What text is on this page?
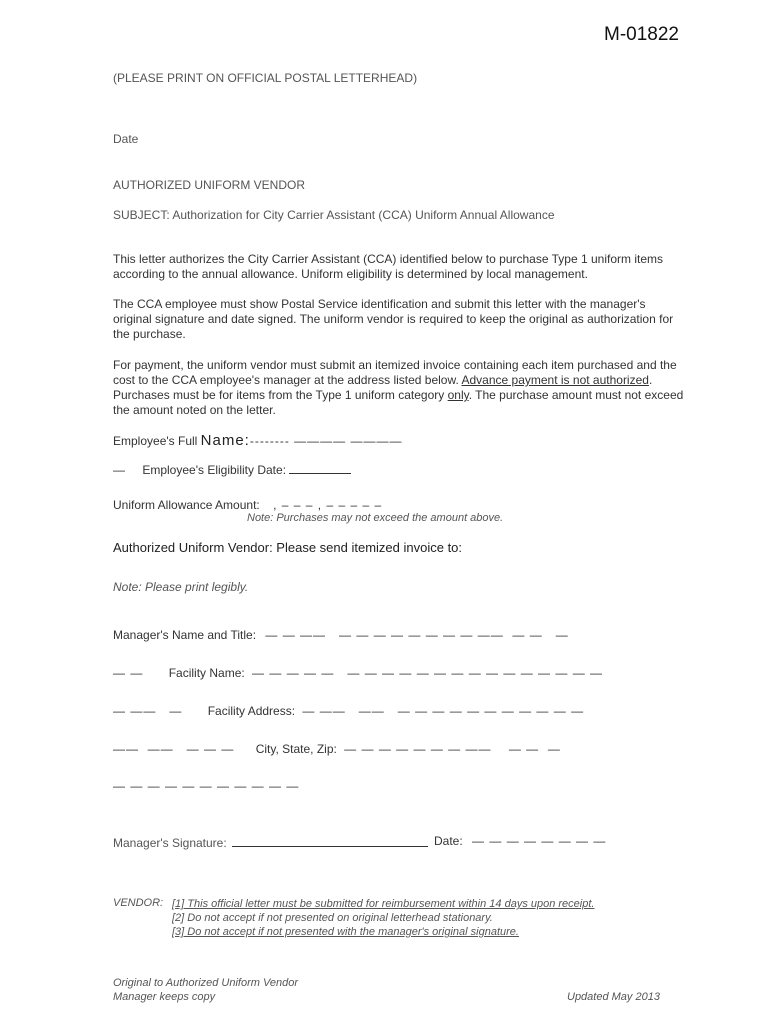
M-01822
(PLEASE PRINT ON OFFICIAL POSTAL LETTERHEAD)
Date
AUTHORIZED UNIFORM VENDOR
SUBJECT: Authorization for City Carrier Assistant (CCA) Uniform Annual Allowance
This letter authorizes the City Carrier Assistant (CCA) identified below to purchase Type 1 uniform items according to the annual allowance. Uniform eligibility is determined by local management.
The CCA employee must show Postal Service identification and submit this letter with the manager's original signature and date signed. The uniform vendor is required to keep the original as authorization for the purchase.
For payment, the uniform vendor must submit an itemized invoice containing each item purchased and the cost to the CCA employee's manager at the address listed below. Advance payment is not authorized. Purchases must be for items from the Type 1 uniform category only. The purchase amount must not exceed the amount noted on the letter.
Employee's Full Name:-------- ———— ————
— Employee's Eligibility Date:
Uniform Allowance Amount: , – – – , – – – – –
Note: Purchases may not exceed the amount above.
Authorized Uniform Vendor: Please send itemized invoice to:
Note: Please print legibly.
Manager's Name and Title: — — ——   — — — — — — — — ——  — —   —
— — Facility Name: — — — — —   — — — — — — — — — — — — — — —
— ——   — Facility Address: — ——   ——   — — — — — — — — — — —
——  ——   — — — City, State, Zip: — — — — — — — ——    — —  —
— — — — — — — — — — —
Manager's Signature:	Date: — — — — — — — —
VENDOR: [1] This official letter must be submitted for reimbursement within 14 days upon receipt.
[2] Do not accept if not presented on original letterhead stationary.
[3] Do not accept if not presented with the manager's original signature.
Original to Authorized Uniform Vendor
Manager keeps copy	Updated May 2013
